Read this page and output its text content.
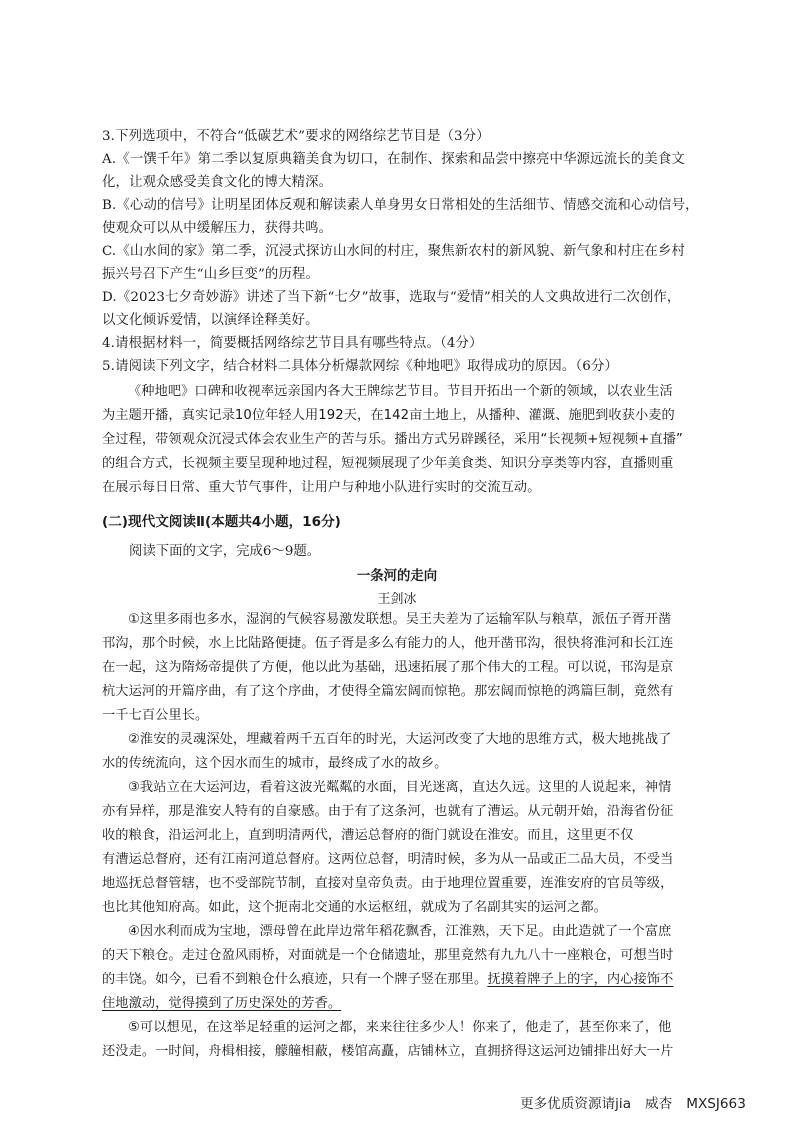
3.下列选项中，不符合“低碳艺术”要求的网络综艺节目是（3分）
A.《一馔千年》第二季以复原典籍美食为切口，在制作、探索和品尝中擦亮中华源远流长的美食文
化，让观众感受美食文化的博大精深。
B.《心动的信号》让明星团体反观和解读素人单身男女日常相处的生活细节、情感交流和心动信号，
使观众可以从中缓解压力，获得共鸣。
C.《山水间的家》第二季，沉浸式探访山水间的村庄，聚焦新农村的新风貌、新气象和村庄在乡村
振兴号召下产生“山乡巨变”的历程。
D.《2023七夕奇妙游》讲述了当下新“七夕”故事，选取与“爱情”相关的人文典故进行二次创作，
以文化倾诉爱情，以演绎诠释美好。
4.请根据材料一，简要概括网络综艺节目具有哪些特点。（4分）
5.请阅读下列文字，结合材料二具体分析爆款网综《种地吧》取得成功的原因。（6分）
《种地吧》口碑和收视率远亲国内各大王牌综艺节目。节目开拓出一个新的领域，以农业生活
为主题开播，真实记录10位年轻人用192天，在142亩土地上，从播种、灌溉、施肥到收获小麦的
全过程，带领观众沉浸式体会农业生产的苦与乐。播出方式另辟蹊径，采用“长视频+短视频+直播”
的组合方式，长视频主要呈现种地过程，短视频展现了少年美食类、知识分享类等内容，直播则重
在展示每日日常、重大节气事件，让用户与种地小队进行实时的交流互动。
(二)现代文阅读Ⅱ(本题共4小题，16分)
阅读下面的文字，完成6～9题。
一条河的走向
王剑冰
①这里多雨也多水，湿润的气候容易激发联想。吴王夫差为了运输军队与粮草，派伍子胥开凿
邗沟，那个时候，水上比陆路便捷。伍子胥是多么有能力的人，他开凿邗沟，很快将淮河和长江连
在一起，这为隋炀帝提供了方便，他以此为基础，迅速拓展了那个伟大的工程。可以说，邗沟是京
杭大运河的开篇序曲，有了这个序曲，才使得全篇宏阔而惊艳。那宏阔而惊艳的鸿篇巨制，竟然有
一千七百公里长。
②淮安的灵魂深处，埋藏着两千五百年的时光，大运河改变了大地的思维方式，极大地挑战了
水的传统流向，这个因水而生的城市，最终成了水的故乡。
③我站立在大运河边，看着这波光粼粼的水面，目光迷离，直达久远。这里的人说起来，神情
亦有异样，那是淮安人特有的自豪感。由于有了这条河，也就有了漕运。从元朝开始，沿海省份征
收的粮食，沿运河北上，直到明清两代，漕运总督府的衙门就设在淮安。而且，这里更不仅
有漕运总督府，还有江南河道总督府。这两位总督，明清时候，多为从一品或正二品大员，不受当
地巡抚总督管辖，也不受部院节制，直接对皇帝负责。由于地理位置重要，连淮安府的官员等级，
也比其他知府高。如此，这个扼南北交通的水运枢纽，就成为了名副其实的运河之都。
④因水利而成为宝地，漂母曾在此岸边常年稻花飘香，江淮熟，天下足。由此造就了一个富庶
的天下粮仓。走过仓盈风雨桥，对面就是一个仓储遗址，那里竟然有九九八十一座粮仓，可想当时
的丰饶。如今，已看不到粮仓什么痕迹，只有一个牌子竖在那里。抚摸着牌子上的字，内心接饰不
住地激动，觉得摸到了历史深处的芳香。
⑤可以想见，在这举足轻重的运河之都，来来往往多少人！你来了，他走了，甚至你来了，他
还没走。一时间，舟楫相接，艨艟相蔽，楼馆高矗，店铺林立，直拥挤得这运河边铺排出好大一片
更多优质资源请jia 威杏 MXSJ663
